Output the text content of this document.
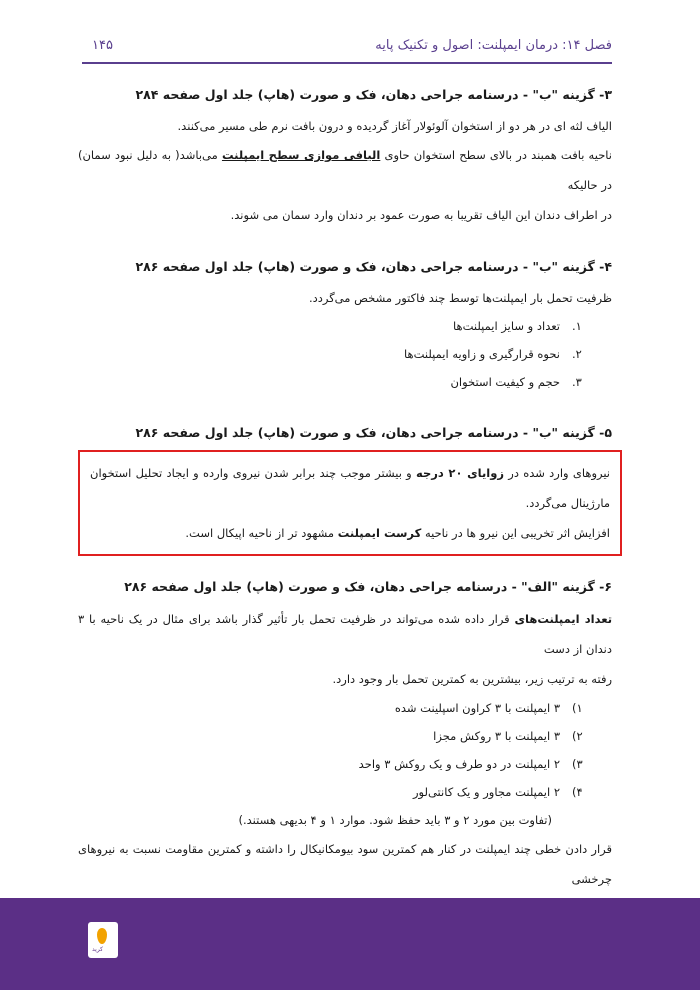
فصل ۱۴: درمان ایمپلنت: اصول و تکنیک پایه
۱۴۵

۳- گزینه "ب" - درسنامه جراحی دهان، فک و صورت (هاپ) جلد اول صفحه ۲۸۴

الیاف لثه ای در هر دو از استخوان آلوئولار آغاز گردیده و درون بافت نرم طی مسیر می‌کنند.

ناحیه بافت همبند در بالای سطح استخوان حاوی الیافی موازی سطح ایمپلنت می‌باشد( به دلیل نبود سمان) در حالیکه

در اطراف دندان این الیاف تقریبا به صورت عمود بر دندان وارد سمان می شوند.

۴- گزینه "ب" - درسنامه جراحی دهان، فک و صورت (هاپ) جلد اول صفحه ۲۸۶

ظرفیت تحمل بار ایمپلنت‌ها توسط چند فاکتور مشخص می‌گردد.

۱.
تعداد و سایز ایمپلنت‌ها
۲.
نحوه قرارگیری و زاویه ایمپلنت‌ها
۳.
حجم و کیفیت استخوان

۵- گزینه "ب" - درسنامه جراحی دهان، فک و صورت (هاپ) جلد اول صفحه ۲۸۶

نیروهای وارد شده در زوایای ۲۰ درجه و بیشتر موجب چند برابر شدن نیروی وارده و ایجاد تحلیل استخوان مارژینال می‌گردد.

افزایش اثر تخریبی این نیرو ها در ناحیه کرست ایمپلنت مشهود تر از ناحیه اپیکال است.

۶- گزینه "الف" - درسنامه جراحی دهان، فک و صورت (هاپ) جلد اول صفحه ۲۸۶

تعداد ایمپلنت‌های قرار داده شده می‌تواند در ظرفیت تحمل بار تأثیر گذار باشد برای مثال در یک ناحیه با ۳ دندان از دست

رفته به ترتیب زیر، بیشترین به کمترین تحمل بار وجود دارد.

۱)
۳ ایمپلنت با ۳ کراون اسپلینت شده
۲)
۳ ایمپلنت با ۳ روکش مجزا
۳)
۲ ایمپلنت در دو طرف و یک روکش ۳ واحد
۴)
۲ ایمپلنت مجاور و یک کانتی‌لور

(تفاوت بین مورد ۲ و ۳ باید حفظ شود. موارد ۱ و ۴ بدیهی هستند.)

قرار دادن خطی چند ایمپلنت در کنار هم کمترین سود بیومکانیکال را داشته و کمترین مقاومت نسبت به نیروهای چرخشی

کرید
